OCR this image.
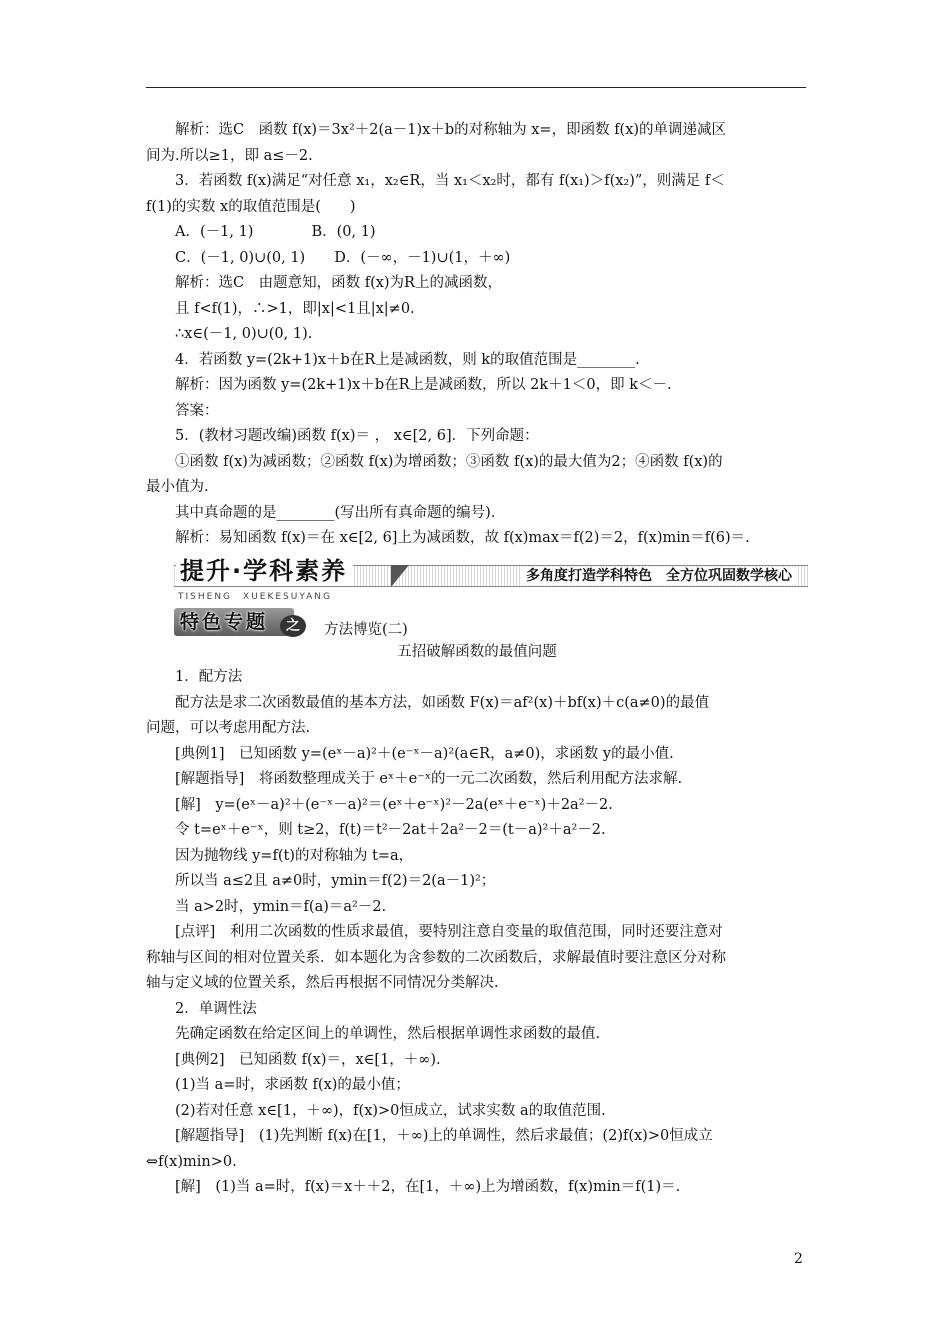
解析：选C　函数 f(x)＝3x²＋2(a－1)x＋b的对称轴为 x=，即函数 f(x)的单调递减区

间为.所以≥1，即 a≤－2.

3．若函数 f(x)满足“对任意 x₁，x₂∈R，当 x₁＜x₂时，都有 f(x₁)＞f(x₂)”，则满足 f＜

f(1)的实数 x的取值范围是(　　)

A．(－1, 1)　　　　B．(0, 1)

C．(－1, 0)∪(0, 1)　　D．(－∞，－1)∪(1，＋∞)

解析：选C　由题意知，函数 f(x)为R上的减函数，

且 f<f(1)，∴>1，即|x|<1且|x|≠0.

∴x∈(－1, 0)∪(0, 1).

4．若函数 y=(2k+1)x＋b在R上是减函数，则 k的取值范围是________.

解析：因为函数 y=(2k+1)x＋b在R上是减函数，所以 2k＋1＜0，即 k＜－.

答案：

5．(教材习题改编)函数 f(x)＝ ， x∈[2, 6]．下列命题：

①函数 f(x)为减函数；②函数 f(x)为增函数；③函数 f(x)的最大值为2；④函数 f(x)的

最小值为.

其中真命题的是________(写出所有真命题的编号).

解析：易知函数 f(x)＝在 x∈[2, 6]上为减函数，故 f(x)max＝f(2)＝2，f(x)min＝f(6)＝.

提升·学科素养
TISHENG　XUEKESUYANG
多角度打造学科特色　全方位巩固数学核心
特色专题	之	方法博览(二)

五招破解函数的最值问题

1．配方法

配方法是求二次函数最值的基本方法，如函数 F(x)＝af²(x)＋bf(x)＋c(a≠0)的最值

问题，可以考虑用配方法.

[典例1]　已知函数 y=(eˣ－a)²＋(e⁻ˣ－a)²(a∈R，a≠0)，求函数 y的最小值.

[解题指导]　将函数整理成关于 eˣ＋e⁻ˣ的一元二次函数，然后利用配方法求解.

[解]　y=(eˣ－a)²＋(e⁻ˣ－a)²＝(eˣ＋e⁻ˣ)²－2a(eˣ＋e⁻ˣ)＋2a²－2.

令 t=eˣ＋e⁻ˣ，则 t≥2，f(t)＝t²－2at＋2a²－2＝(t－a)²＋a²－2.

因为抛物线 y=f(t)的对称轴为 t=a，

所以当 a≤2且 a≠0时，ymin＝f(2)＝2(a－1)²；

当 a>2时，ymin＝f(a)＝a²－2.

[点评]　利用二次函数的性质求最值，要特别注意自变量的取值范围，同时还要注意对

称轴与区间的相对位置关系．如本题化为含参数的二次函数后，求解最值时要注意区分对称

轴与定义域的位置关系，然后再根据不同情况分类解决.

2．单调性法

先确定函数在给定区间上的单调性，然后根据单调性求函数的最值.

[典例2]　已知函数 f(x)＝，x∈[1，＋∞).

(1)当 a=时，求函数 f(x)的最小值；

(2)若对任意 x∈[1，＋∞)，f(x)>0恒成立，试求实数 a的取值范围.

[解题指导]　(1)先判断 f(x)在[1，＋∞)上的单调性，然后求最值；(2)f(x)>0恒成立

⇔f(x)min>0.

[解]　(1)当 a=时，f(x)＝x＋＋2，在[1，＋∞)上为增函数，f(x)min＝f(1)＝.

2
